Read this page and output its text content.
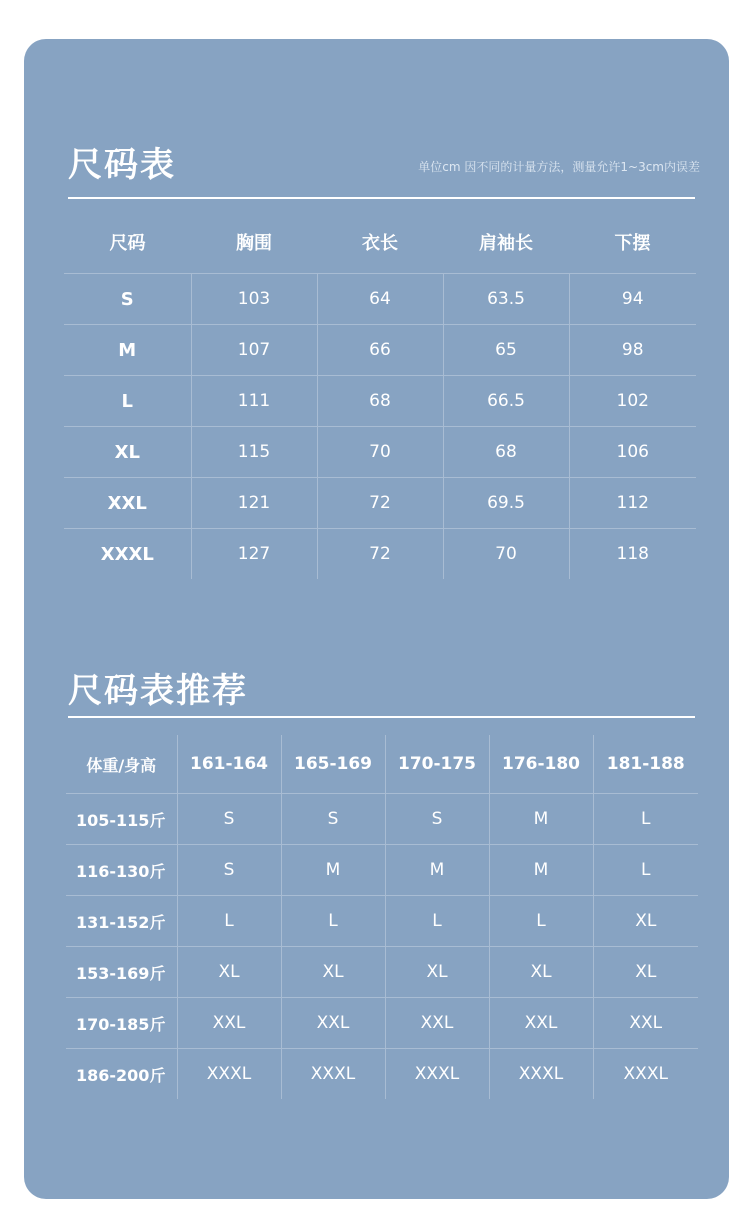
尺码表	单位cm 因不同的计量方法，测量允许1~3cm内误差
尺码	胸围	衣长	肩袖长	下摆
S	103	64	63.5	94
M	107	66	65	98
L	111	68	66.5	102
XL	115	70	68	106
XXL	121	72	69.5	112
XXXL	127	72	70	118
尺码表推荐
体重/身高	161-164	165-169	170-175	176-180	181-188
105-115斤	S	S	S	M	L
116-130斤	S	M	M	M	L
131-152斤	L	L	L	L	XL
153-169斤	XL	XL	XL	XL	XL
170-185斤	XXL	XXL	XXL	XXL	XXL
186-200斤	XXXL	XXXL	XXXL	XXXL	XXXL
